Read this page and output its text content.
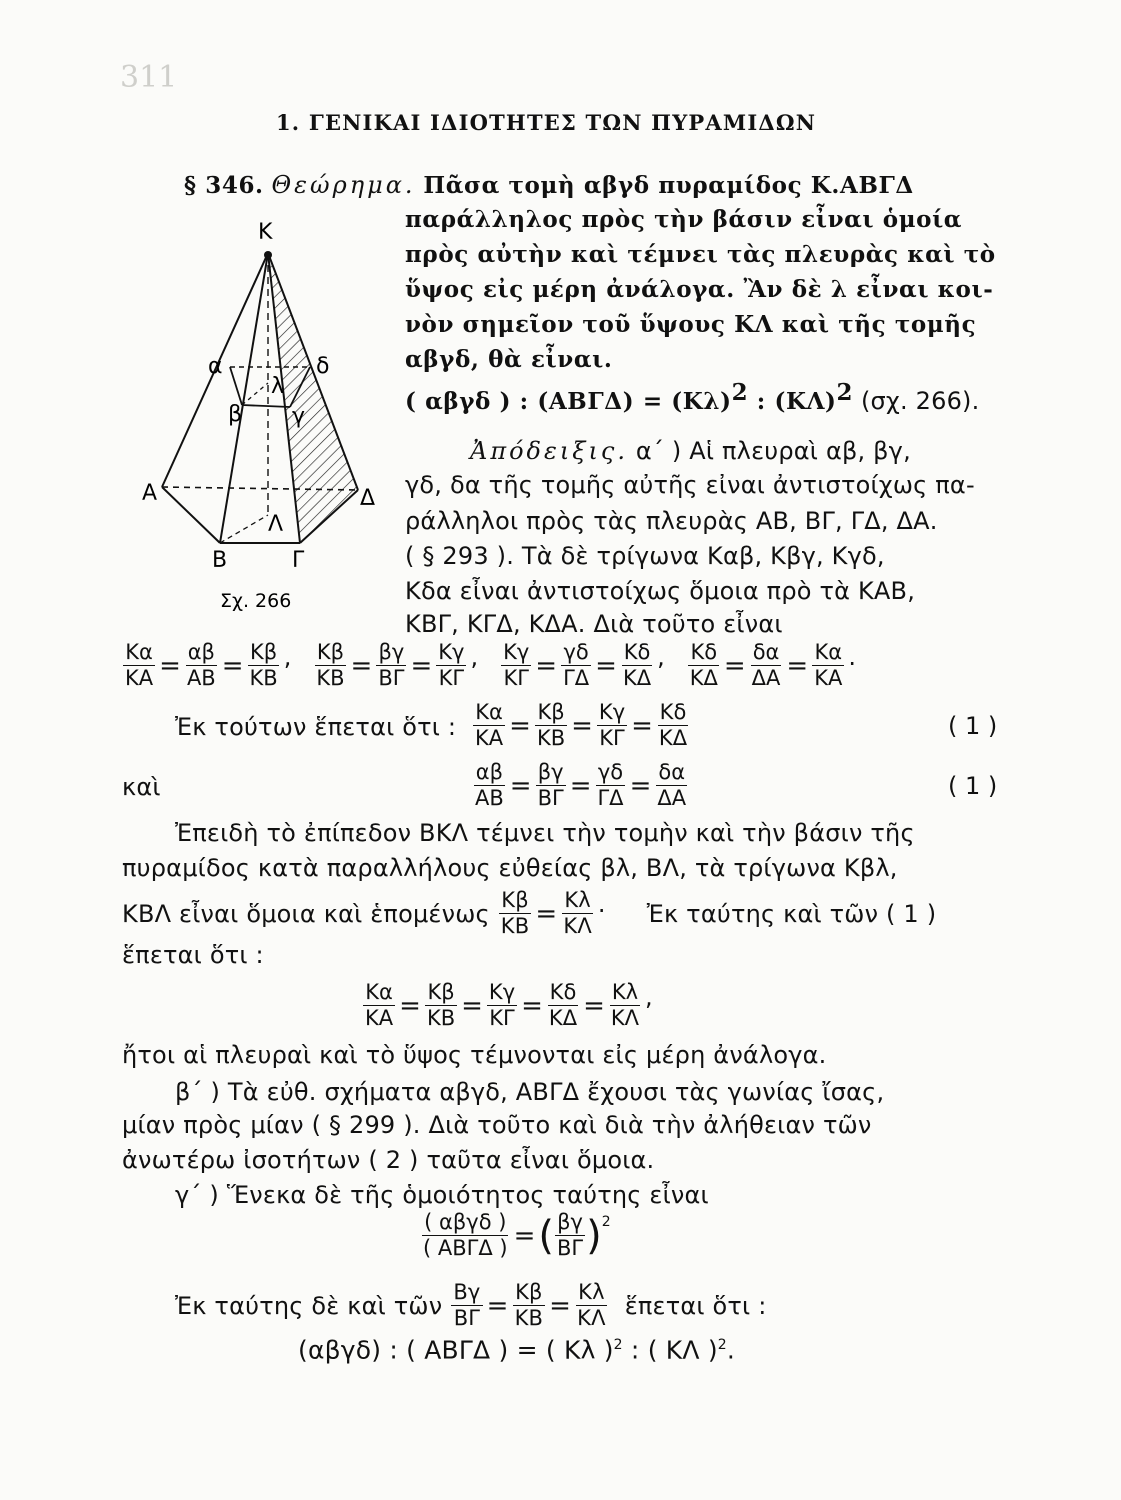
311
1. ΓΕΝΙΚΑΙ ΙΔΙΟΤΗΤΕΣ ΤΩΝ ΠΥΡΑΜΙΔΩΝ
§ 346. Θεώρημα. Πᾶσα τομὴ αβγδ πυραμίδος Κ.ΑΒΓΔ
παράλληλος πρὸς τὴν βάσιν εἶναι ὁμοία
πρὸς αὐτὴν καὶ τέμνει τὰς πλευρὰς καὶ τὸ
ὕψος εἰς μέρη ἀνάλογα. Ἂν δὲ λ εἶναι κοι-
νὸν σημεῖον τοῦ ὕψους ΚΛ καὶ τῆς τομῆς
αβγδ, θὰ εἶναι.
( αβγδ ) : $(AB\Gamma\Delta) = (K\lambda)^2$ : $(K\Lambda)^2$ (σχ. 266).
Ἀπόδειξις. α΄ ) Αἱ πλευραὶ αβ, βγ,
γδ, δα τῆς τομῆς αὐτῆς εἰναι ἀντιστοίχως πα-
ράλληλοι πρὸς τὰς πλευρὰς ΑΒ, ΒΓ, ΓΔ, ΔΑ.
( § 293 ). Τὰ δὲ τρίγωνα Καβ, Κβγ, Κγδ,
Κδα εἶναι ἀντιστοίχως ὅμοια πρὸ τὰ ΚΑΒ,
ΚΒΓ, ΚΓΔ, ΚΔΑ. Διὰ τοῦτο εἶναι
Κ
α	δ
λ
β γ
Α	Δ
Λ
Β	Γ
Σχ. 266
$\frac{K\alpha}{KA} = \frac{\alpha\beta}{AB} = \frac{K\beta}{KB}$ , $\frac{K\beta}{KB} = \frac{\beta\gamma}{B\Gamma} = \frac{K\gamma}{K\Gamma}$ , $\frac{K\gamma}{K\Gamma} = \frac{\gamma\delta}{\Gamma\Delta} = \frac{K\delta}{K\Delta}$ , $\frac{K\delta}{K\Delta} = \frac{\delta\alpha}{\Delta A} = \frac{K\alpha}{KA}$ .
Ἐκ τούτων ἕπεται ὅτι : $\frac{K\alpha}{KA} = \frac{K\beta}{KB} = \frac{K\gamma}{K\Gamma} = \frac{K\delta}{K\Delta}$	( 1 )
καὶ	$\frac{\alpha\beta}{AB} = \frac{\beta\gamma}{B\Gamma} = \frac{\gamma\delta}{\Gamma\Delta} = \frac{\delta\alpha}{\Delta A}$	( 1 )
Ἐπειδὴ τὸ ἐπίπεδον ΒΚΛ τέμνει τὴν τομὴν καὶ τὴν βάσιν τῆς
πυραμίδος κατὰ παραλλήλους εὐθείας βλ, ΒΛ, τὰ τρίγωνα Κβλ,
ΚΒΛ εἶναι ὅμοια καὶ ἑπομένως $\frac{K\beta}{KB} = \frac{K\lambda}{K\Lambda}$ . Ἐκ ταύτης καὶ τῶν ( 1 )
ἕπεται ὅτι :
$\frac{K\alpha}{KA} = \frac{K\beta}{KB} = \frac{K\gamma}{K\Gamma} = \frac{K\delta}{K\Delta} = \frac{K\lambda}{K\Lambda}$ ,
ἤτοι αἱ πλευραὶ καὶ τὸ ὕψος τέμνονται εἰς μέρη ἀνάλογα.
β΄ ) Τὰ εὐθ. σχήματα αβγδ, ΑΒΓΔ ἔχουσι τὰς γωνίας ἴσας,
μίαν πρὸς μίαν ( § 299 ). Διὰ τοῦτο καὶ διὰ τὴν ἀλήθειαν τῶν
ἀνωτέρω ἰσοτήτων ( 2 ) ταῦτα εἶναι ὅμοια.
γ΄ ) Ἕνεκα δὲ τῆς ὁμοιότητος ταύτης εἶναι
$\frac{\text{( αβγδ )}}{\text{( ΑΒΓΔ )}}$ = ( $\frac{\beta\gamma}{B\Gamma}$ ) 2
Ἐκ ταύτης δὲ καὶ τῶν $\frac{B\gamma}{B\Gamma} = \frac{K\beta}{KB} = \frac{K\lambda}{K\Lambda}$ ἕπεται ὅτι :
(αβγδ) : ( ΑΒΓΔ ) = ( Κλ )$^2$ : ( ΚΛ )$^2$.
